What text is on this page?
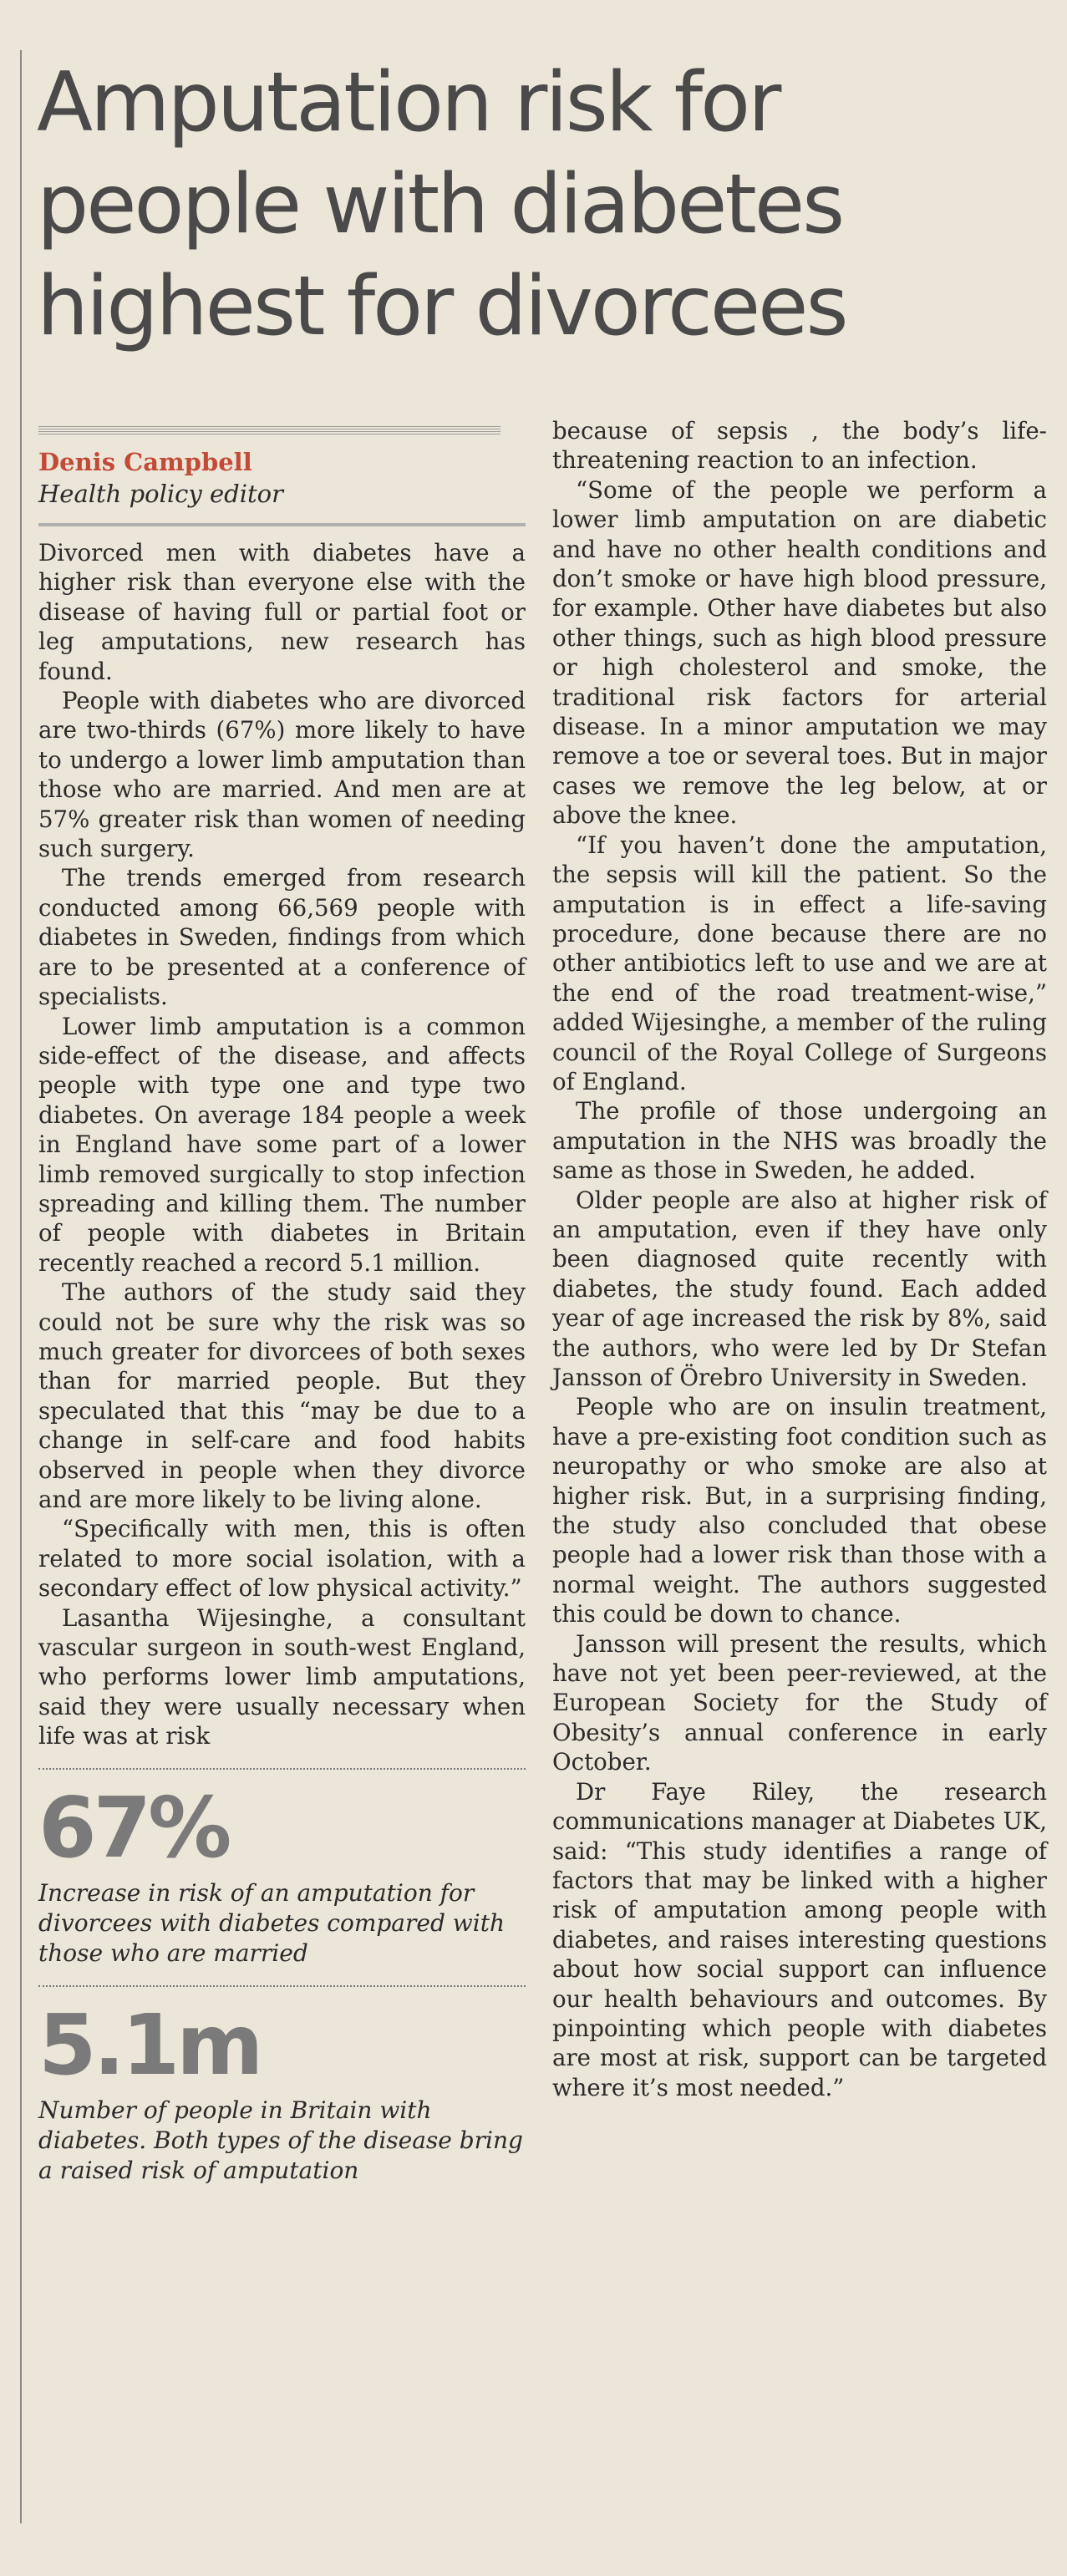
Amputation risk for people with diabetes highest for divorcees

Denis Campbell

Health policy editor

Divorced men with diabetes have a higher risk than everyone else with the disease of having full or partial foot or leg amputations, new research has found.

People with diabetes who are divorced are two-thirds (67%) more likely to have to undergo a lower limb amputation than those who are married. And men are at 57% greater risk than women of needing such surgery.

The trends emerged from research conducted among 66,569 people with diabetes in Sweden, findings from which are to be presented at a conference of specialists.

Lower limb amputation is a common side-effect of the disease, and affects people with type one and type two diabetes. On average 184 people a week in England have some part of a lower limb removed surgically to stop infection spreading and killing them. The number of people with diabetes in Britain recently reached a record 5.1 million.

The authors of the study said they could not be sure why the risk was so much greater for divorcees of both sexes than for married people. But they speculated that this “may be due to a change in self-care and food habits observed in people when they divorce and are more likely to be living alone.

“Specifically with men, this is often related to more social isolation, with a secondary effect of low physical activity.”

Lasantha Wijesinghe, a consultant vascular surgeon in south-west England, who performs lower limb amputations, said they were usually necessary when life was at risk

67%

Increase in risk of an amputation for divorcees with diabetes compared with those who are married

5.1m

Number of people in Britain with diabetes. Both types of the disease bring a raised risk of amputation

because of sepsis , the body’s life-threatening reaction to an infection.

“Some of the people we perform a lower limb amputation on are diabetic and have no other health conditions and don’t smoke or have high blood pressure, for example. Other have diabetes but also other things, such as high blood pressure or high cholesterol and smoke, the traditional risk factors for arterial disease. In a minor amputation we may remove a toe or several toes. But in major cases we remove the leg below, at or above the knee.

“If you haven’t done the amputation, the sepsis will kill the patient. So the amputation is in effect a life-saving procedure, done because there are no other antibiotics left to use and we are at the end of the road treatment-wise,” added Wijesinghe, a member of the ruling council of the Royal College of Surgeons of England.

The profile of those undergoing an amputation in the NHS was broadly the same as those in Sweden, he added.

Older people are also at higher risk of an amputation, even if they have only been diagnosed quite recently with diabetes, the study found. Each added year of age increased the risk by 8%, said the authors, who were led by Dr Stefan Jansson of Örebro University in Sweden.

People who are on insulin treatment, have a pre-existing foot condition such as neuropathy or who smoke are also at higher risk. But, in a surprising finding, the study also concluded that obese people had a lower risk than those with a normal weight. The authors suggested this could be down to chance.

Jansson will present the results, which have not yet been peer-reviewed, at the European Society for the Study of Obesity’s annual conference in early October.

Dr Faye Riley, the research communications manager at Diabetes UK, said: “This study identifies a range of factors that may be linked with a higher risk of amputation among people with diabetes, and raises interesting questions about how social support can influence our health behaviours and outcomes. By pinpointing which people with diabetes are most at risk, support can be targeted where it’s most needed.”
